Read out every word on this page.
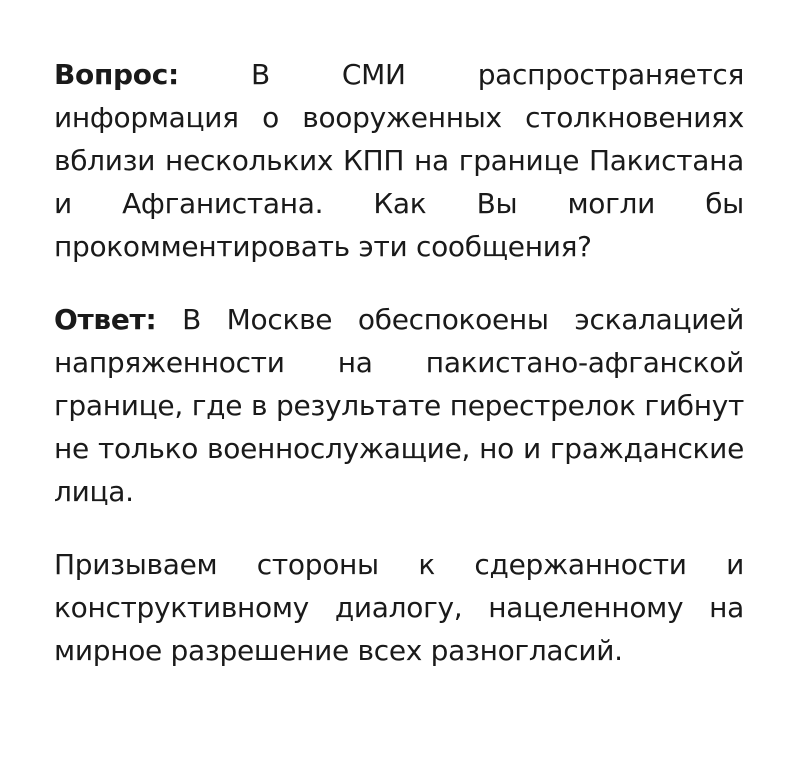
Вопрос:	В СМИ распространяется информация о вооруженных столкновениях вблизи нескольких КПП на границе Пакистана и Афганистана. Как Вы могли бы прокомментировать эти сообщения?

Ответ: В Москве обеспокоены эскалацией напряженности на пакистано-афганской границе, где в результате перестрелок гибнут не только военнослужащие, но и гражданские лица.

Призываем стороны к сдержанности и конструктивному диалогу, нацеленному на мирное разрешение всех разногласий.
